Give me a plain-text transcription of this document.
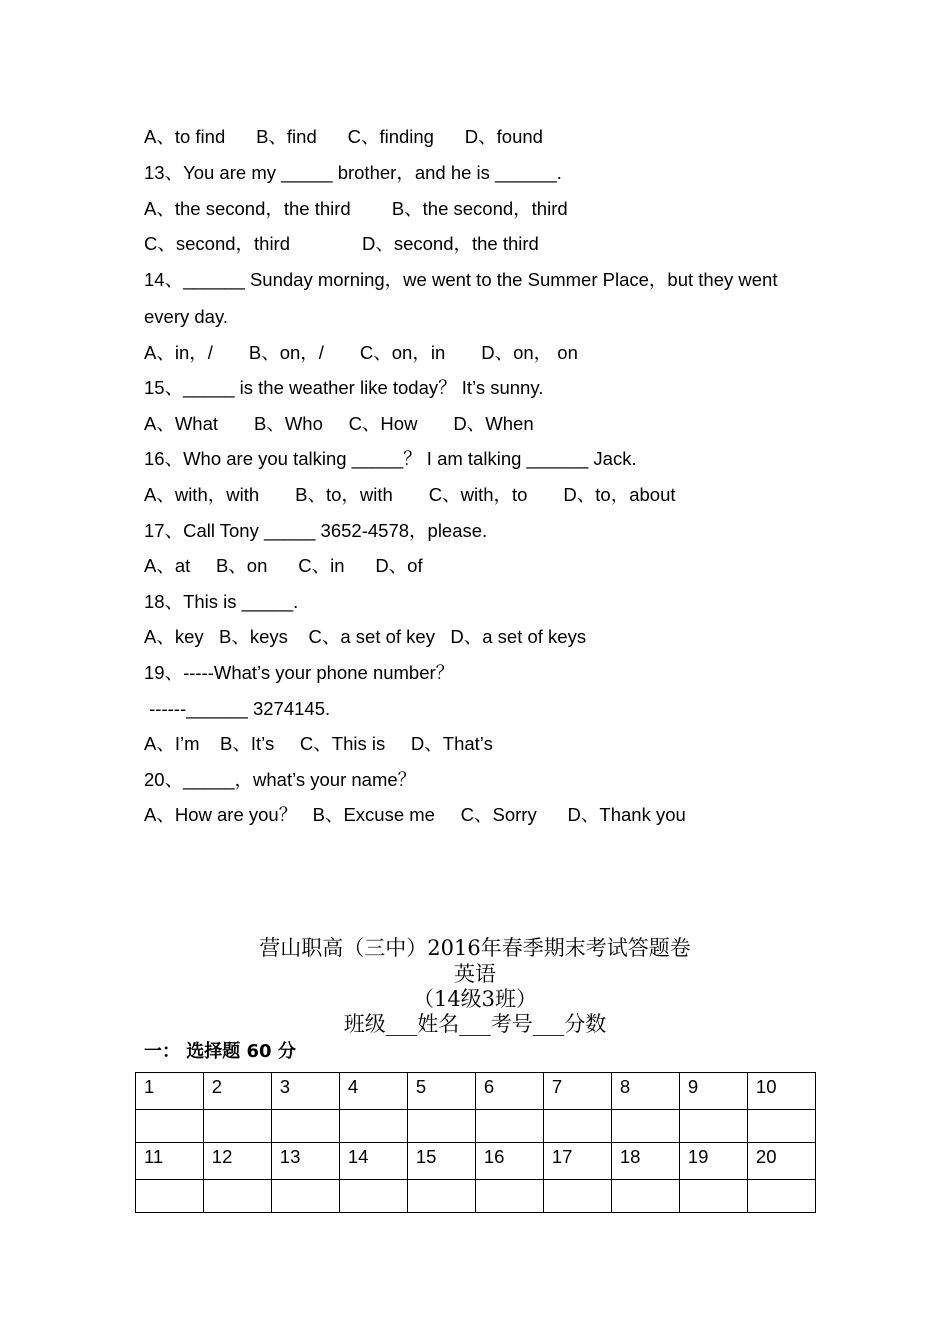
A、to find      B、find      C、finding      D、found
13、You are my _____ brother，and he is ______.
A、the second，the third        B、the second，third
C、second，third              D、second，the third
14、______ Sunday morning，we went to the Summer Place，but they went
every day.
A、in，/       B、on，/       C、on，in       D、on， on
15、_____ is the weather like today？ It’s sunny.
A、What       B、Who     C、How       D、When
16、Who are you talking _____？ I am talking ______ Jack.
A、with，with       B、to，with       C、with，to       D、to，about
17、Call Tony _____ 3652-4578，please.
A、at     B、on      C、in      D、of
18、This is _____.
A、key   B、keys    C、a set of key   D、a set of keys
19、-----What’s your phone number？
------______ 3274145.
A、I’m    B、It’s     C、This is     D、That’s
20、_____，what’s your name？
A、How are you？   B、Excuse me     C、Sorry      D、Thank you
营山职高（三中）2016年春季期末考试答题卷
英语
（14级3班）
班级___姓名___考号___分数
一： 选择题 60 分
1	2	3	4	5	6	7	8	9	10

11	12	13	14	15	16	17	18	19	20
